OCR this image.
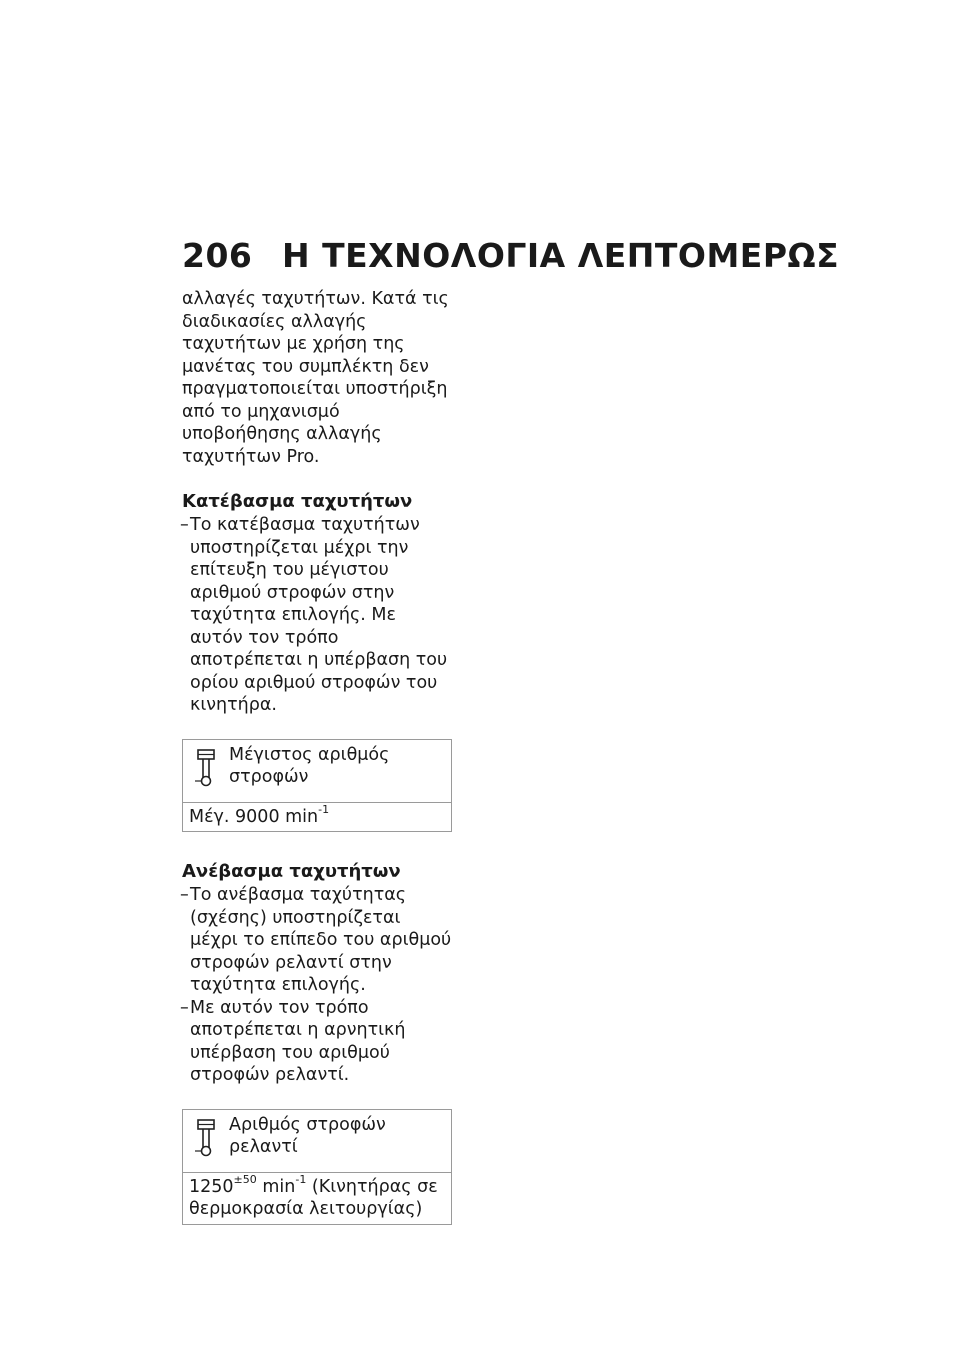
206 Η ΤΕΧΝΟΛΟΓΙΑ ΛΕΠΤΟΜΕΡΩΣ

αλλαγές ταχυτήτων. Κατά τις διαδικασίες αλλαγής ταχυτήτων με χρήση της μανέτας του συμπλέκτη δεν πραγματοποιείται υποστήριξη από το μηχανισμό υποβοήθησης αλλαγής ταχυτήτων Pro.

Κατέβασμα ταχυτήτων

– Το κατέβασμα ταχυτήτων υποστηρίζεται μέχρι την επίτευξη του μέγιστου αριθμού στροφών στην ταχύτητα επιλογής. Με αυτόν τον τρόπο αποτρέπεται η υπέρβαση του ορίου αριθμού στροφών του κινητήρα.
Μέγιστος αριθμός στροφών
Μέγ. 9000 $\min^{-1}$

Ανέβασμα ταχυτήτων

– Το ανέβασμα ταχύτητας (σχέσης) υποστηρίζεται μέχρι το επίπεδο του αριθμού στροφών ρελαντί στην ταχύτητα επιλογής.
– Με αυτόν τον τρόπο αποτρέπεται η αρνητική υπέρβαση του αριθμού στροφών ρελαντί.
Αριθμός στροφών ρελαντί
$1250^{\pm 50}$ $\min^{-1} (K\iota\nu\eta\tau ή\rho\alpha\varsigma$ σε θερμοκρασία λειτουργίας)
